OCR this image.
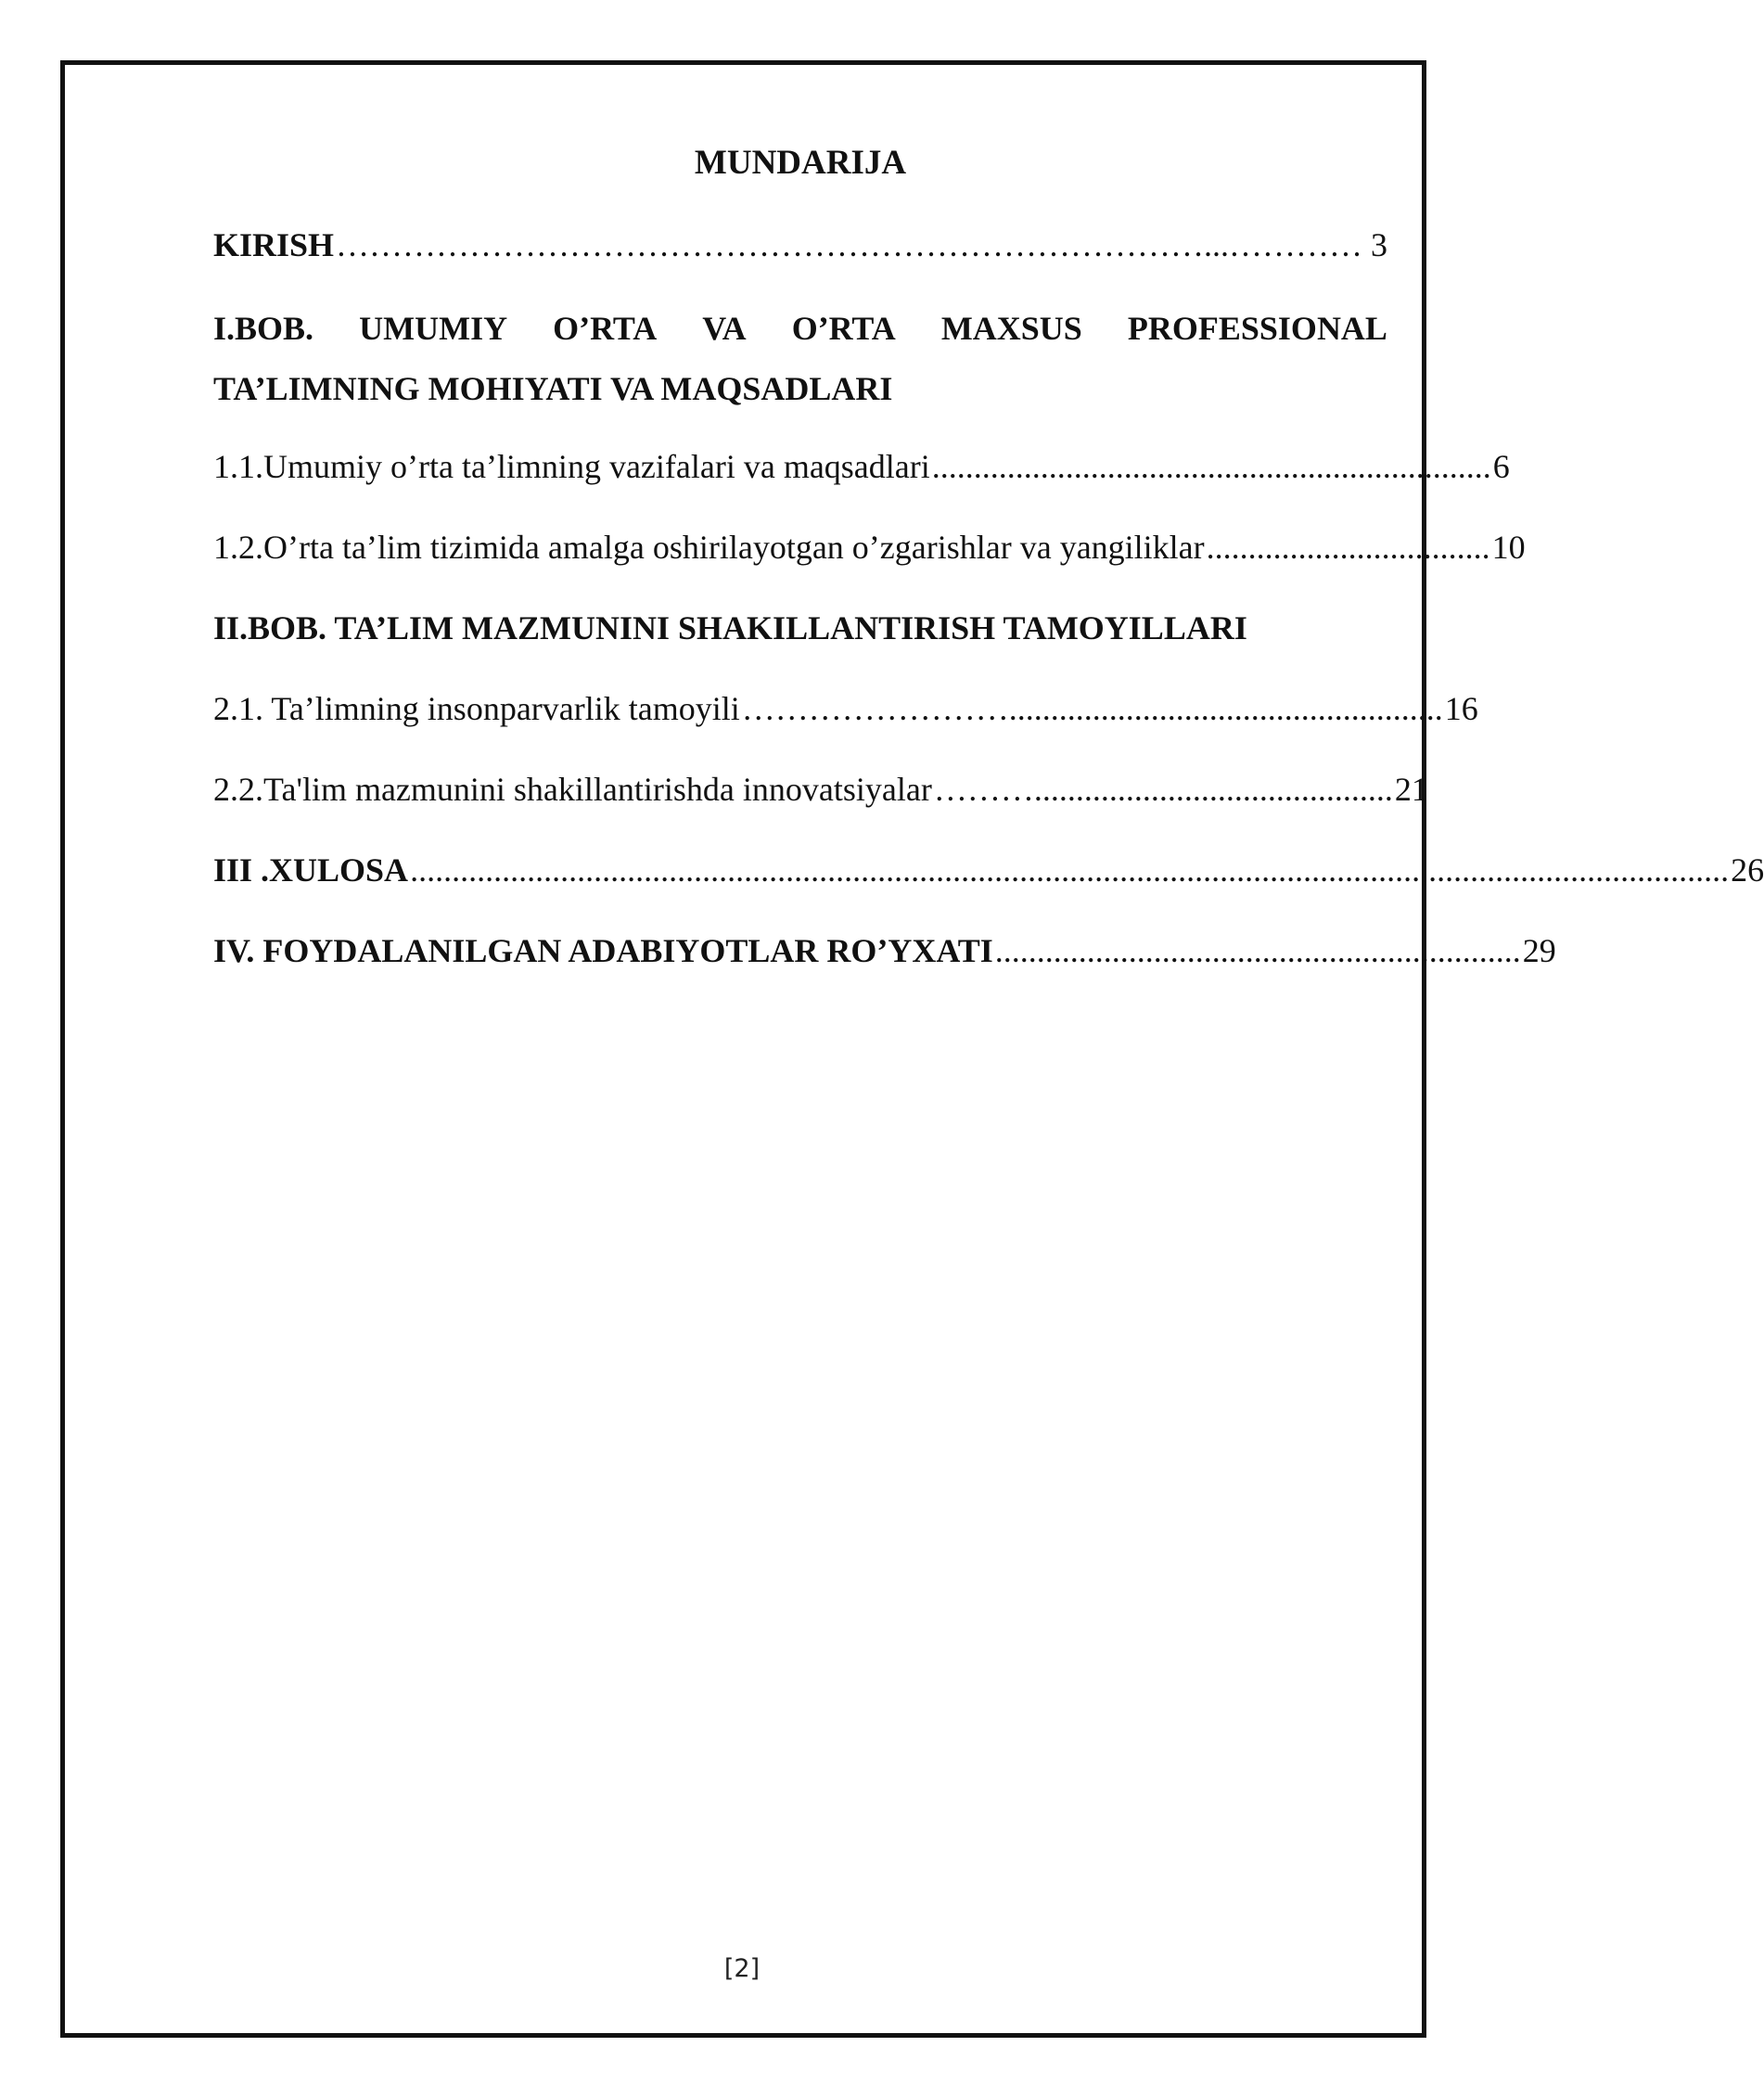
MUNDARIJA
KIRISH ……………………………………………………………………...………… 3
I.BOB. UMUMIY O’RTA VA O’RTA MAXSUS PROFESSIONAL
TA’LIMNING MOHIYATI VA MAQSADLARI
1.1. Umumiy o’rta ta’limning vazifalari va maqsadlari ................................................................... 6
1.2. O’rta ta’lim tizimida amalga oshirilayotgan o’zgarishlar va yangiliklar .................................. 10
II.BOB. TA’LIM MAZMUNINI SHAKILLANTIRISH TAMOYILLARI
2.1. Ta’limning insonparvarlik tamoyili …………………….................................................... 16
2.2. Ta'lim mazmunini shakillantirishda innovatsiyalar ………........................................... 21
III .XULOSA .............................................................................................................................................................. 26
IV. FOYDALANILGAN ADABIYOTLAR RO’YXATI ............................................................... 29
[2]
